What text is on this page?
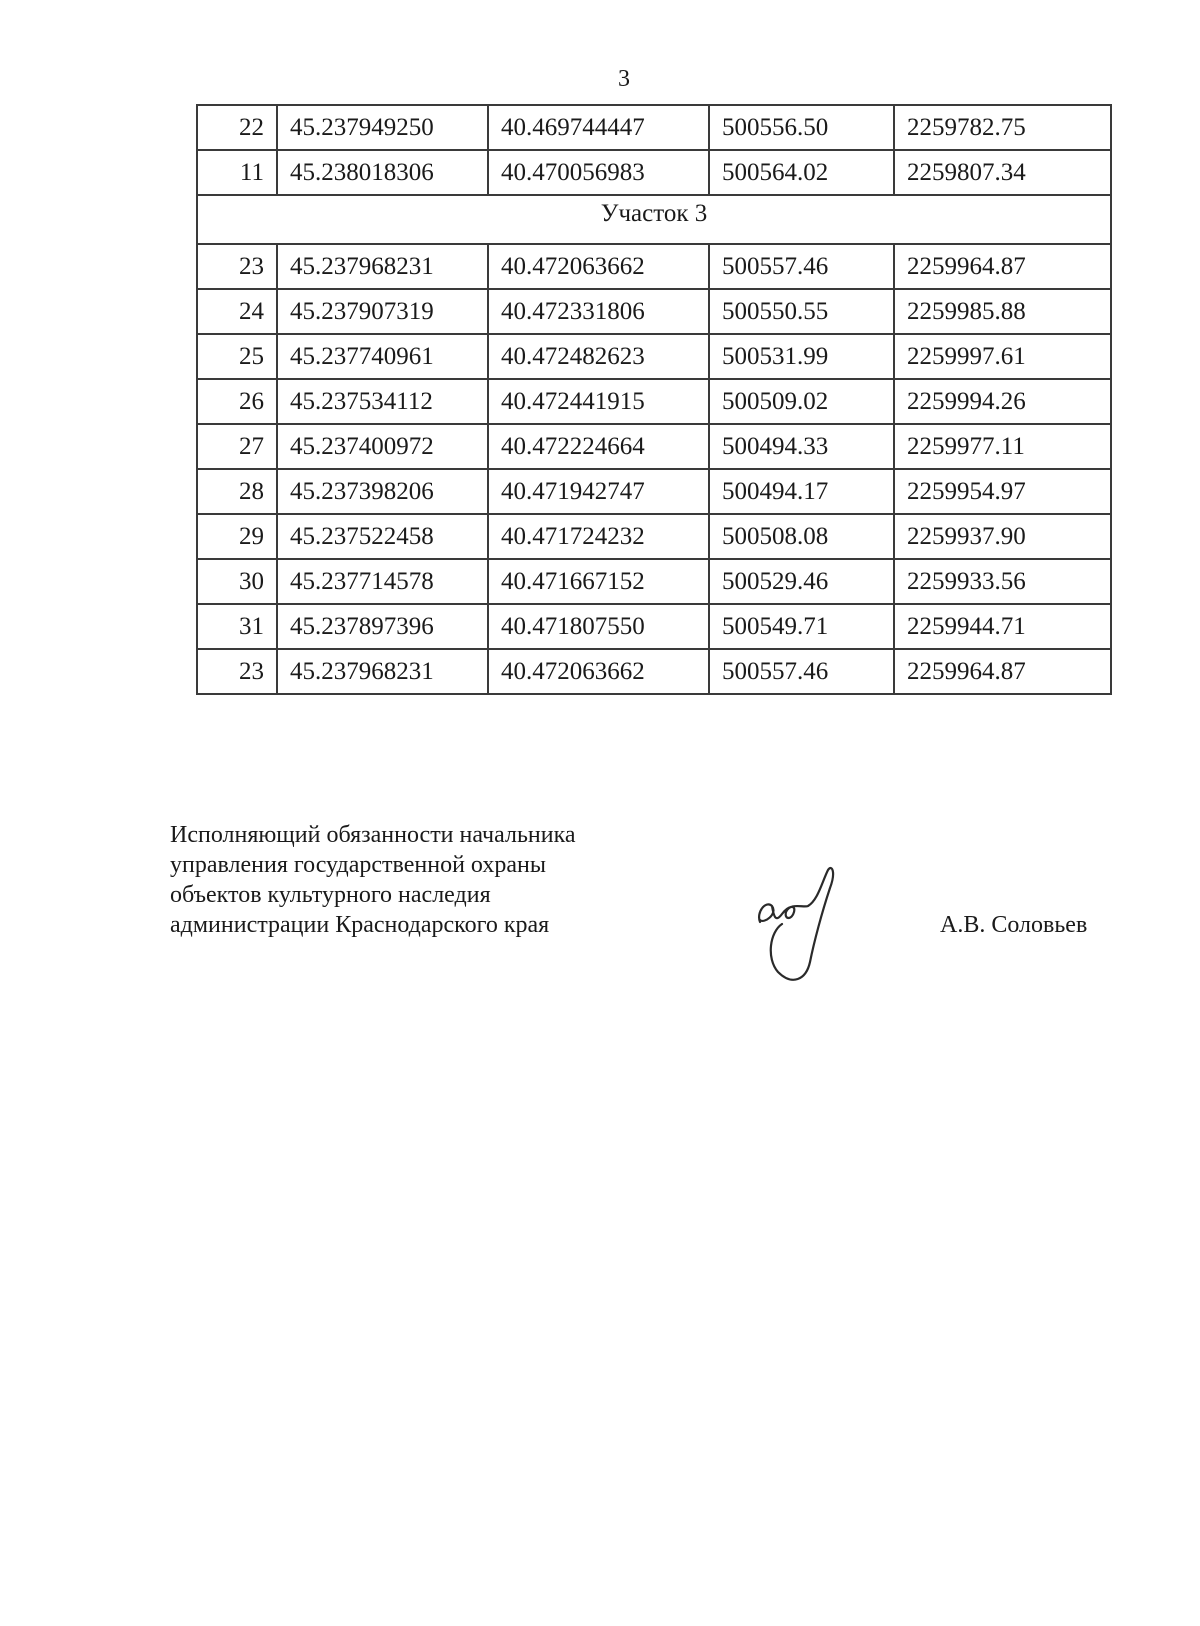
3
22	45.237949250	40.469744447	500556.50	2259782.75
11	45.238018306	40.470056983	500564.02	2259807.34
Участок 3				
23	45.237968231	40.472063662	500557.46	2259964.87
24	45.237907319	40.472331806	500550.55	2259985.88
25	45.237740961	40.472482623	500531.99	2259997.61
26	45.237534112	40.472441915	500509.02	2259994.26
27	45.237400972	40.472224664	500494.33	2259977.11
28	45.237398206	40.471942747	500494.17	2259954.97
29	45.237522458	40.471724232	500508.08	2259937.90
30	45.237714578	40.471667152	500529.46	2259933.56
31	45.237897396	40.471807550	500549.71	2259944.71
23	45.237968231	40.472063662	500557.46	2259964.87
Исполняющий обязанности начальника
управления государственной охраны
объектов культурного наследия
администрации Краснодарского края	А.В. Соловьев
